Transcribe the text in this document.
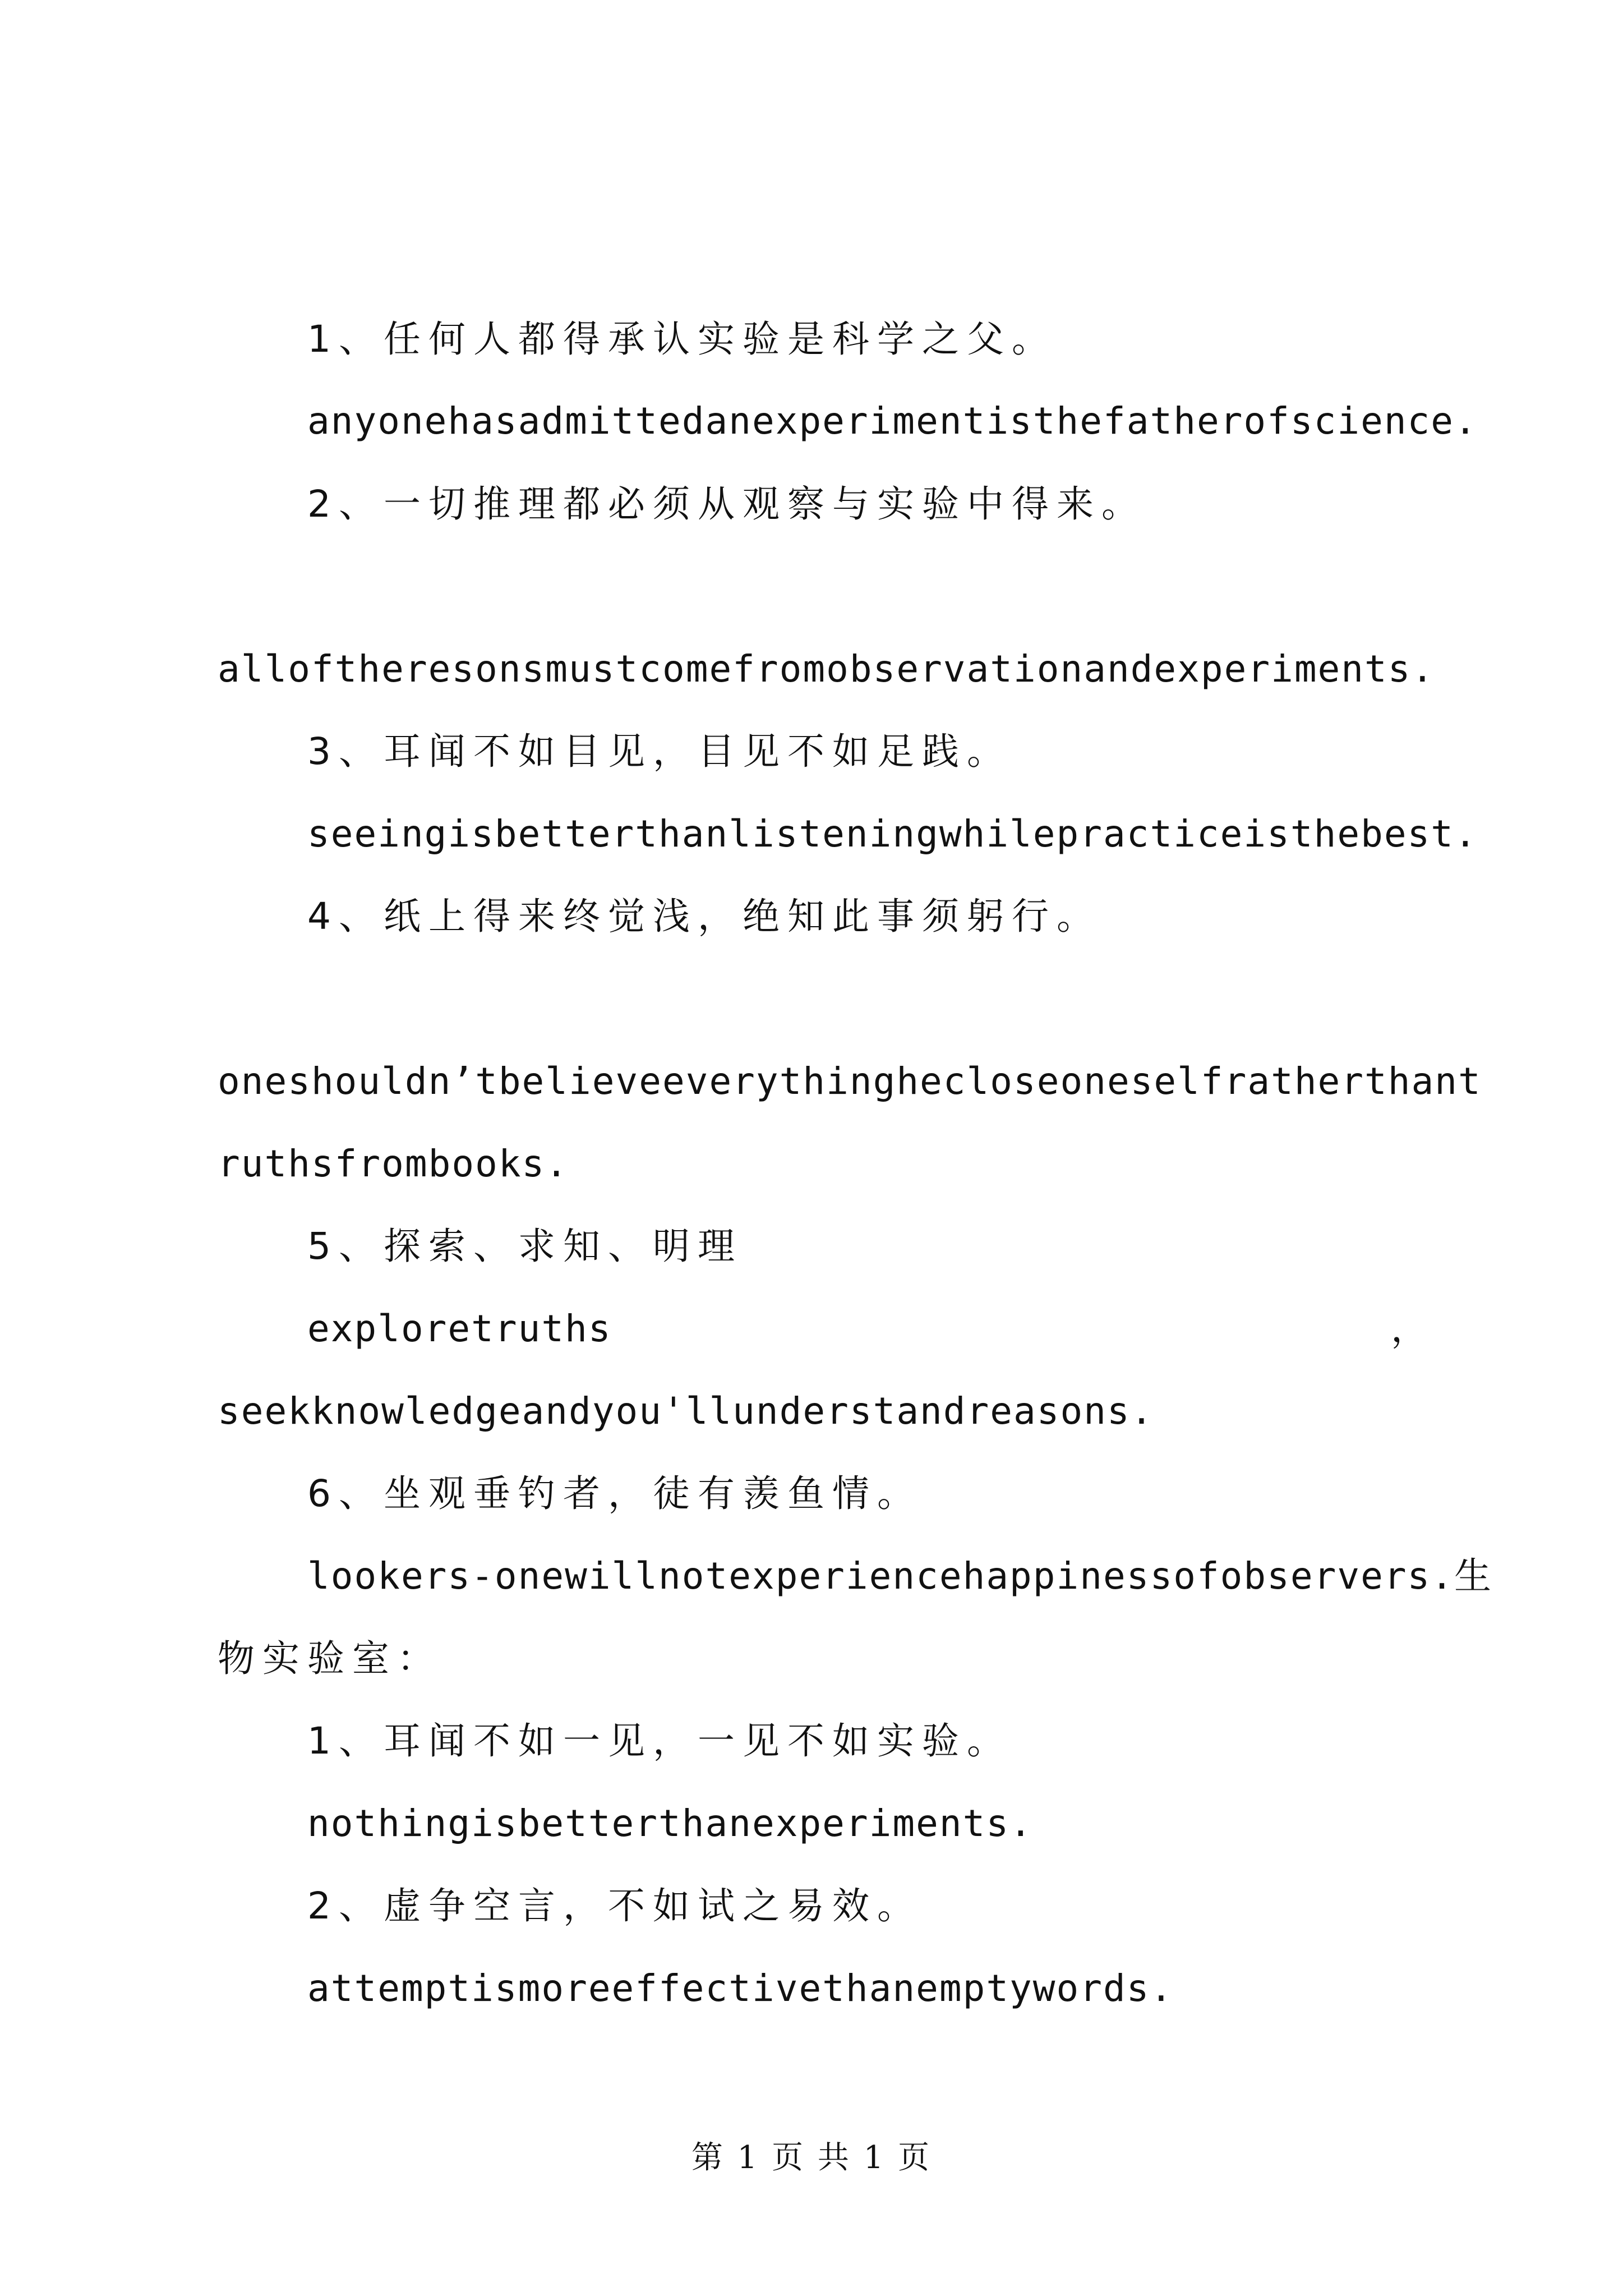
1、任何人都得承认实验是科学之父。

anyonehasadmittedanexperimentisthefatherofscience.

2、一切推理都必须从观察与实验中得来。

alloftheresonsmustcomefromobservationandexperiments.

3、耳闻不如目见，目见不如足践。

seeingisbetterthanlisteningwhilepracticeisthebest.

4、纸上得来终觉浅，绝知此事须躬行。

oneshouldn’tbelieveeverythinghecloseoneselfratherthant

ruthsfrombooks.

5、探索、求知、明理

exploretruths	，

seekknowledgeandyou'llunderstandreasons.

6、坐观垂钓者，徒有羡鱼情。

lookers-onewillnotexperiencehappinessofobservers.生

物实验室：

1、耳闻不如一见，一见不如实验。

nothingisbetterthanexperiments.

2、虚争空言，不如试之易效。

attemptismoreeffectivethanemptywords.

第 1 页 共 1 页
